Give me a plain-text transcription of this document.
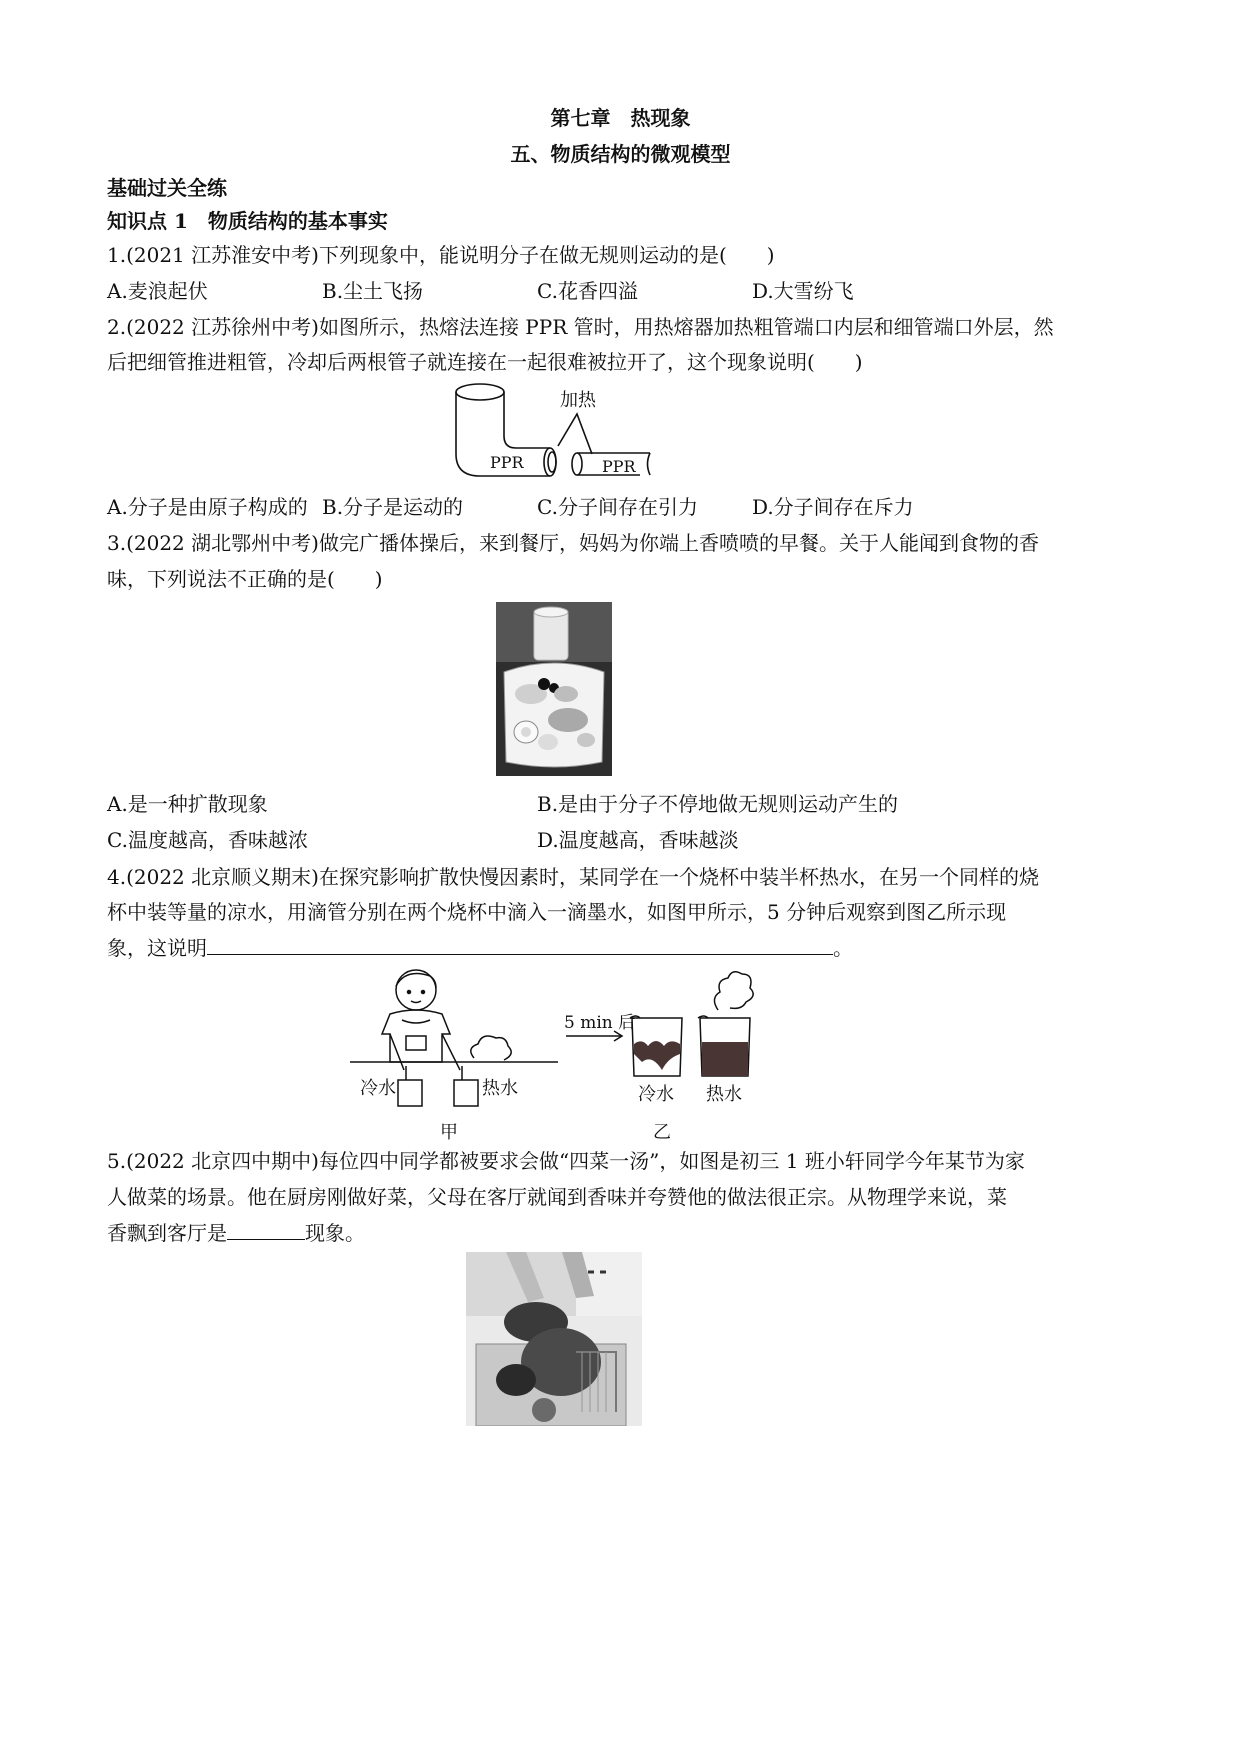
第七章　热现象
五、物质结构的微观模型
基础过关全练
知识点 1　物质结构的基本事实
1.(2021 江苏淮安中考)下列现象中，能说明分子在做无规则运动的是(　　)
A.麦浪起伏	B.尘土飞扬	C.花香四溢	D.大雪纷飞
2.(2022 江苏徐州中考)如图所示，热熔法连接 PPR 管时，用热熔器加热粗管端口内层和细管端口外层，然
后把细管推进粗管，冷却后两根管子就连接在一起很难被拉开了，这个现象说明(　　)
加热
PPR	PPR
A.分子是由原子构成的 B.分子是运动的	C.分子间存在引力	D.分子间存在斥力
3.(2022 湖北鄂州中考)做完广播体操后，来到餐厅，妈妈为你端上香喷喷的早餐。关于人能闻到食物的香
味，下列说法不正确的是(　　)
A.是一种扩散现象	B.是由于分子不停地做无规则运动产生的
C.温度越高，香味越浓	D.温度越高，香味越淡
4.(2022 北京顺义期末)在探究影响扩散快慢因素时，某同学在一个烧杯中装半杯热水，在另一个同样的烧
杯中装等量的凉水，用滴管分别在两个烧杯中滴入一滴墨水，如图甲所示，5 分钟后观察到图乙所示现
象，这说明	。
冷水	热水
5 min 后
冷水 热水
甲	乙
5.(2022 北京四中期中)每位四中同学都被要求会做“四菜一汤”，如图是初三 1 班小轩同学今年某节为家
人做菜的场景。他在厨房刚做好菜，父母在客厅就闻到香味并夸赞他的做法很正宗。从物理学来说，菜
香飘到客厅是	现象。
